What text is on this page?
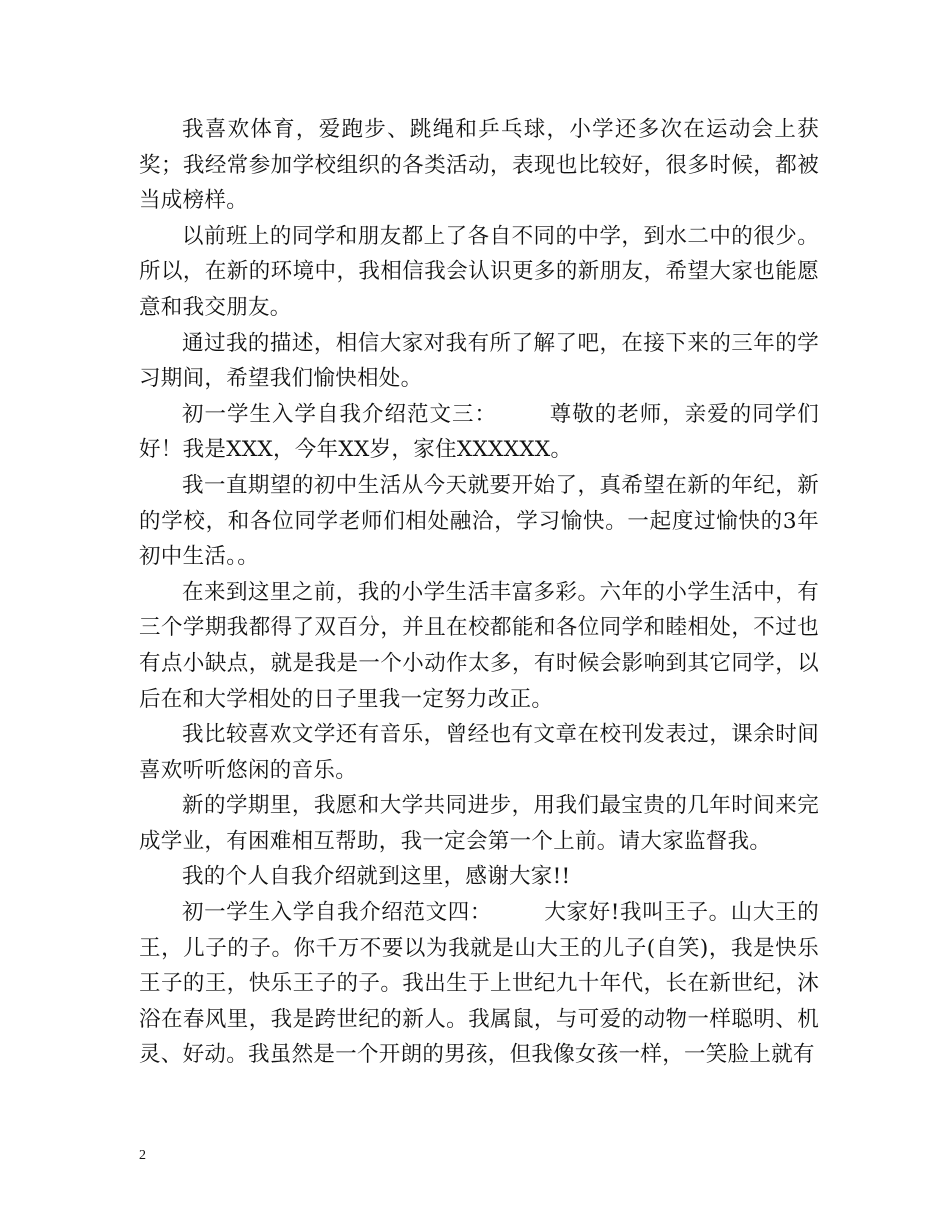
我喜欢体育，爱跑步、跳绳和乒乓球，小学还多次在运动会上获奖；我经常参加学校组织的各类活动，表现也比较好，很多时候，都被当成榜样。

以前班上的同学和朋友都上了各自不同的中学，到水二中的很少。所以，在新的环境中，我相信我会认识更多的新朋友，希望大家也能愿意和我交朋友。

通过我的描述，相信大家对我有所了解了吧，在接下来的三年的学习期间，希望我们愉快相处。

初一学生入学自我介绍范文三： 尊敬的老师，亲爱的同学们好！我是XXX，今年XX岁，家住XXXXXX。

我一直期望的初中生活从今天就要开始了，真希望在新的年纪，新的学校，和各位同学老师们相处融洽，学习愉快。一起度过愉快的3年初中生活。。

在来到这里之前，我的小学生活丰富多彩。六年的小学生活中，有三个学期我都得了双百分，并且在校都能和各位同学和睦相处，不过也有点小缺点，就是我是一个小动作太多，有时候会影响到其它同学，以后在和大学相处的日子里我一定努力改正。

我比较喜欢文学还有音乐，曾经也有文章在校刊发表过，课余时间喜欢听听悠闲的音乐。

新的学期里，我愿和大学共同进步，用我们最宝贵的几年时间来完成学业，有困难相互帮助，我一定会第一个上前。请大家监督我。

我的个人自我介绍就到这里，感谢大家!!

初一学生入学自我介绍范文四： 大家好!我叫王子。山大王的王，儿子的子。你千万不要以为我就是山大王的儿子(自笑)，我是快乐王子的王，快乐王子的子。我出生于上世纪九十年代，长在新世纪，沐浴在春风里，我是跨世纪的新人。我属鼠，与可爱的动物一样聪明、机灵、好动。我虽然是一个开朗的男孩，但我像女孩一样，一笑脸上就有

2
